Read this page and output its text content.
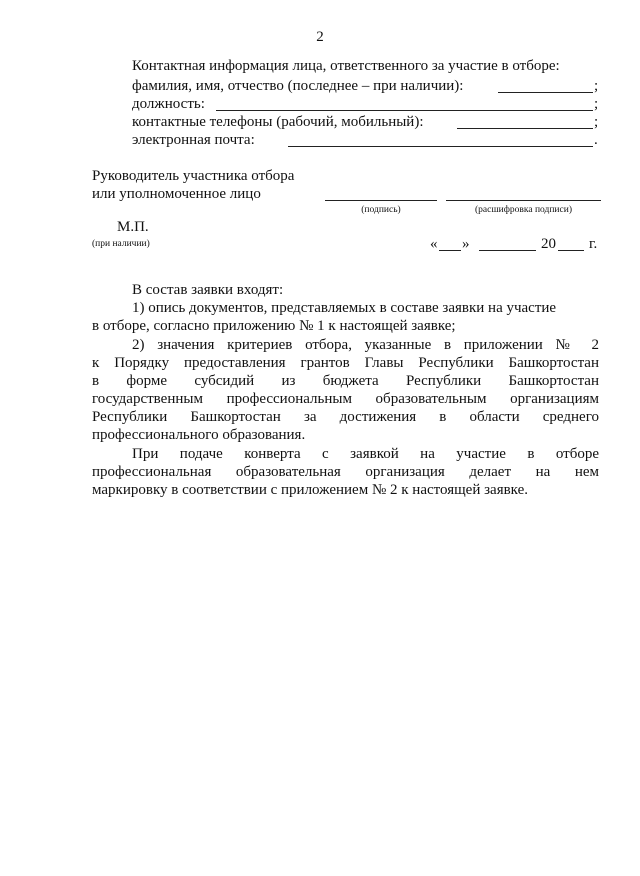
2
Контактная информация лица, ответственного за участие в отборе:
фамилия, имя, отчество (последнее – при наличии):	;
должность:	;
контактные телефоны (рабочий, мобильный):	;
электронная почта:	.
Руководитель участника отбора
или уполномоченное лицо
(подпись)	(расшифровка подписи)
М.П.
(при наличии)	« »	20 г.
В состав заявки входят:
1) опись документов, представляемых в составе заявки на участие
в отборе, согласно приложению № 1 к настоящей заявке;
2) значения критериев отбора, указанные в приложении № 2
к Порядку предоставления грантов Главы Республики Башкортостан
в форме субсидий из бюджета Республики Башкортостан
государственным профессиональным образовательным организациям
Республики Башкортостан за достижения в области среднего
профессионального образования.
При подаче конверта с заявкой на участие в отборе
профессиональная образовательная организация делает на нем
маркировку в соответствии с приложением № 2 к настоящей заявке.
